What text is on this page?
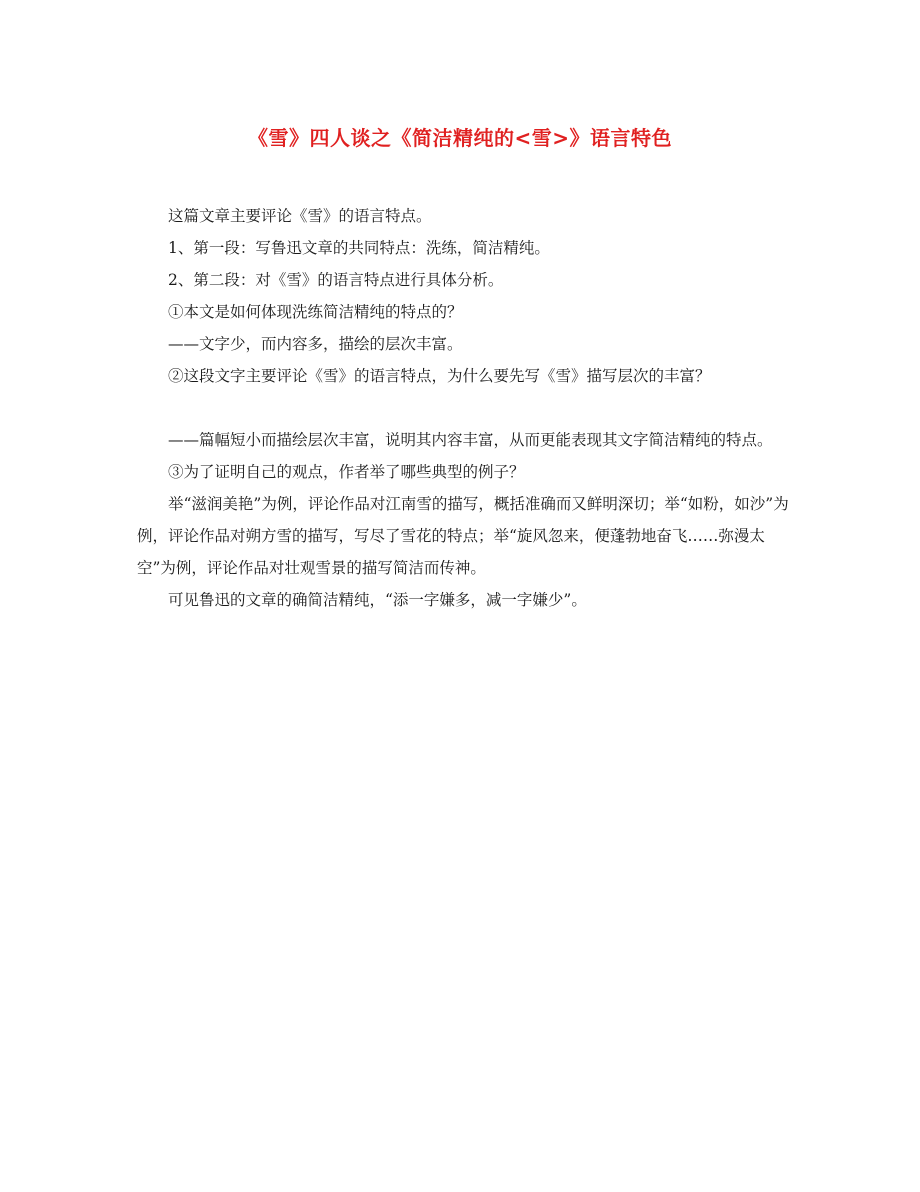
《雪》四人谈之《简洁精纯的<雪>》语言特色

这篇文章主要评论《雪》的语言特点。

1、第一段：写鲁迅文章的共同特点：洗练，简洁精纯。

2、第二段：对《雪》的语言特点进行具体分析。

①本文是如何体现洗练简洁精纯的特点的？

——文字少，而内容多，描绘的层次丰富。

②这段文字主要评论《雪》的语言特点，为什么要先写《雪》描写层次的丰富？

——篇幅短小而描绘层次丰富，说明其内容丰富，从而更能表现其文字简洁精纯的特点。

③为了证明自己的观点，作者举了哪些典型的例子？

举“滋润美艳”为例，评论作品对江南雪的描写，概括准确而又鲜明深切；举“如粉，如沙”为例，评论作品对朔方雪的描写，写尽了雪花的特点；举“旋风忽来，便蓬勃地奋飞……弥漫太空”为例，评论作品对壮观雪景的描写简洁而传神。

可见鲁迅的文章的确简洁精纯，“添一字嫌多，减一字嫌少”。
